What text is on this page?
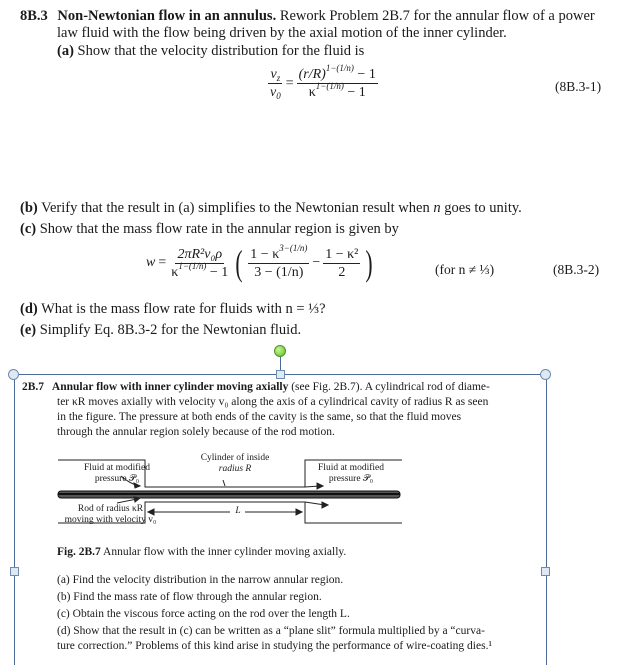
8B.3 Non-Newtonian flow in an annulus. Rework Problem 2B.7 for the annular flow of a power
law fluid with the flow being driven by the axial motion of the inner cylinder.
(a) Show that the velocity distribution for the fluid is
$\frac{v_z}{v_0} = \frac{(r/R)^{1-(1/n)} - 1}{\kappa^{1-(1/n)} - 1}$	(8B.3-1)
(b) Verify that the result in (a) simplifies to the Newtonian result when n goes to unity.
(c) Show that the mass flow rate in the annular region is given by
$w = \frac{\text{2πR²v₀ρ}}{\kappa^{1-(1/n)} - 1}$ ( $\frac{1 - \kappa^{3-(1/n)}}{3 - (1/n)} - \frac{\text{1 − κ²}}{2}$ )	(for n ≠ ⅓)	(8B.3-2)
(d) What is the mass flow rate for fluids with n = ⅓?
(e) Simplify Eq. 8B.3-2 for the Newtonian fluid.
2B.7 Annular flow with inner cylinder moving axially (see Fig. 2B.7). A cylindrical rod of diame-
ter κR moves axially with velocity v₀ along the axis of a cylindrical cavity of radius R as seen
in the figure. The pressure at both ends of the cavity is the same, so that the fluid moves
through the annular region solely because of the rod motion.
Fluid at modified
pressure 𝒫₀
Cylinder of inside
radius R	Fluid at modified
pressure 𝒫₀
Rod of radius κR
moving with velocity v₀
L
Fig. 2B.7 Annular flow with the inner cylinder moving axially.
(a) Find the velocity distribution in the narrow annular region.
(b) Find the mass rate of flow through the annular region.
(c) Obtain the viscous force acting on the rod over the length L.
(d) Show that the result in (c) can be written as a “plane slit” formula multiplied by a “curva-
ture correction.” Problems of this kind arise in studying the performance of wire-coating dies.¹
